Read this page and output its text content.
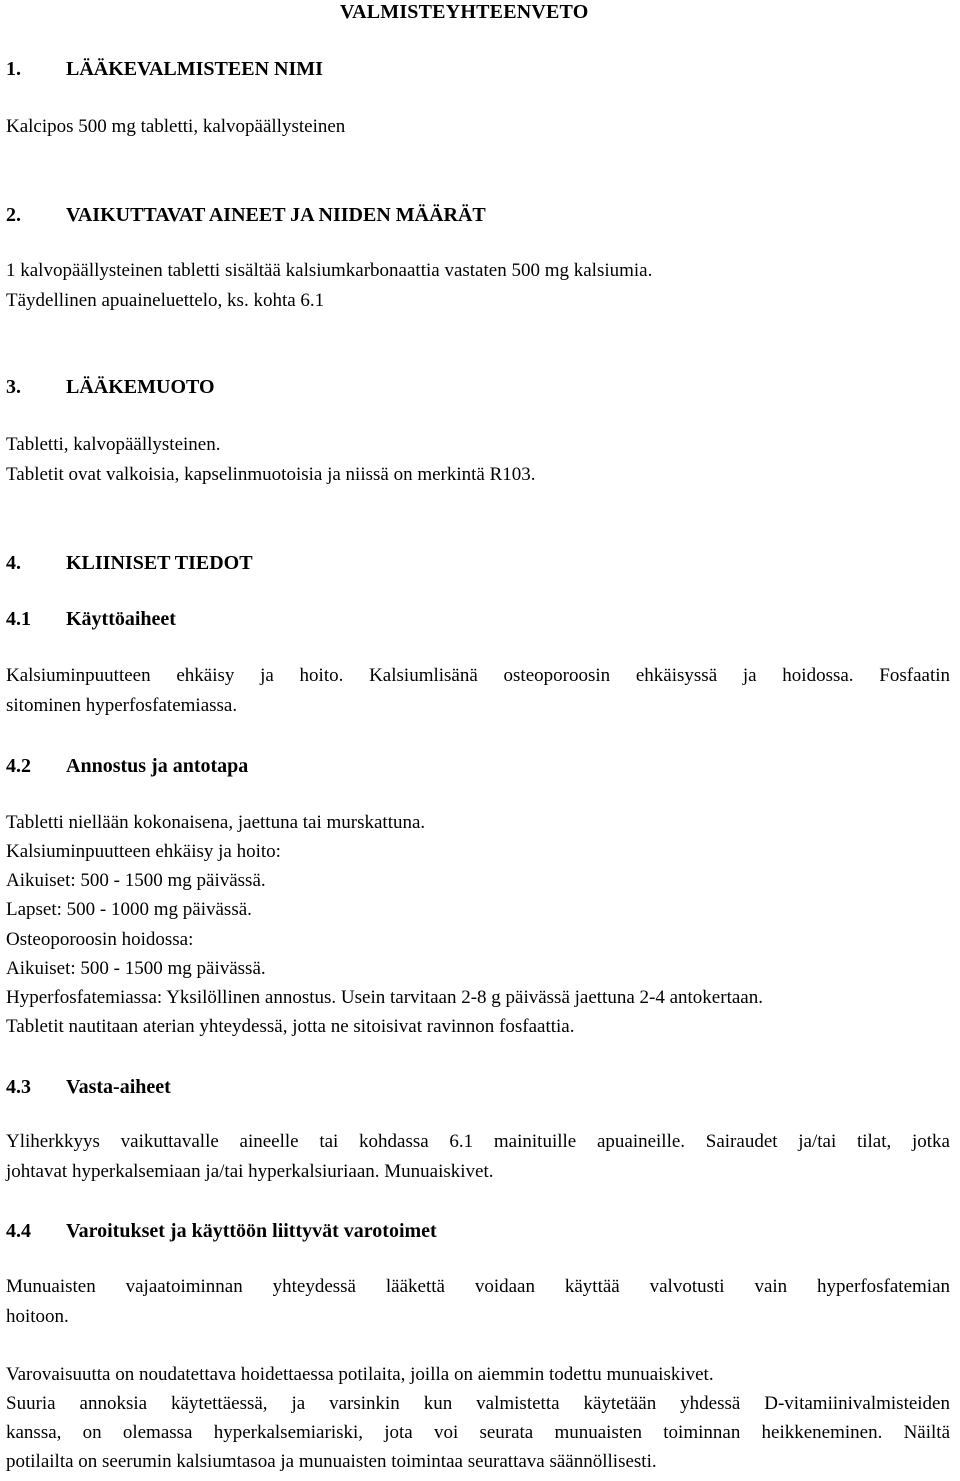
VALMISTEYHTEENVETO
1. LÄÄKEVALMISTEEN NIMI
Kalcipos 500 mg tabletti, kalvopäällysteinen
2. VAIKUTTAVAT AINEET JA NIIDEN MÄÄRÄT
1 kalvopäällysteinen tabletti sisältää kalsiumkarbonaattia vastaten 500 mg kalsiumia.
Täydellinen apuaineluettelo, ks. kohta 6.1
3. LÄÄKEMUOTO
Tabletti, kalvopäällysteinen.
Tabletit ovat valkoisia, kapselinmuotoisia ja niissä on merkintä R103.
4. KLIINISET TIEDOT
4.1 Käyttöaiheet
Kalsiuminpuutteen ehkäisy ja hoito. Kalsiumlisänä osteoporoosin ehkäisyssä ja hoidossa. Fosfaatin
sitominen hyperfosfatemiassa.
4.2 Annostus ja antotapa
Tabletti niellään kokonaisena, jaettuna tai murskattuna.
Kalsiuminpuutteen ehkäisy ja hoito:
Aikuiset: 500 - 1500 mg päivässä.
Lapset: 500 - 1000 mg päivässä.
Osteoporoosin hoidossa:
Aikuiset: 500 - 1500 mg päivässä.
Hyperfosfatemiassa: Yksilöllinen annostus. Usein tarvitaan 2-8 g päivässä jaettuna 2-4 antokertaan.
Tabletit nautitaan aterian yhteydessä, jotta ne sitoisivat ravinnon fosfaattia.
4.3 Vasta-aiheet
Yliherkkyys vaikuttavalle aineelle tai kohdassa 6.1 mainituille apuaineille. Sairaudet ja/tai tilat, jotka
johtavat hyperkalsemiaan ja/tai hyperkalsiuriaan. Munuaiskivet.
4.4 Varoitukset ja käyttöön liittyvät varotoimet
Munuaisten vajaatoiminnan yhteydessä lääkettä voidaan käyttää valvotusti vain hyperfosfatemian
hoitoon.
Varovaisuutta on noudatettava hoidettaessa potilaita, joilla on aiemmin todettu munuaiskivet.
Suuria annoksia käytettäessä, ja varsinkin kun valmistetta käytetään yhdessä D-vitamiinivalmisteiden
kanssa, on olemassa hyperkalsemiariski, jota voi seurata munuaisten toiminnan heikkeneminen. Näiltä
potilailta on seerumin kalsiumtasoa ja munuaisten toimintaa seurattava säännöllisesti.
